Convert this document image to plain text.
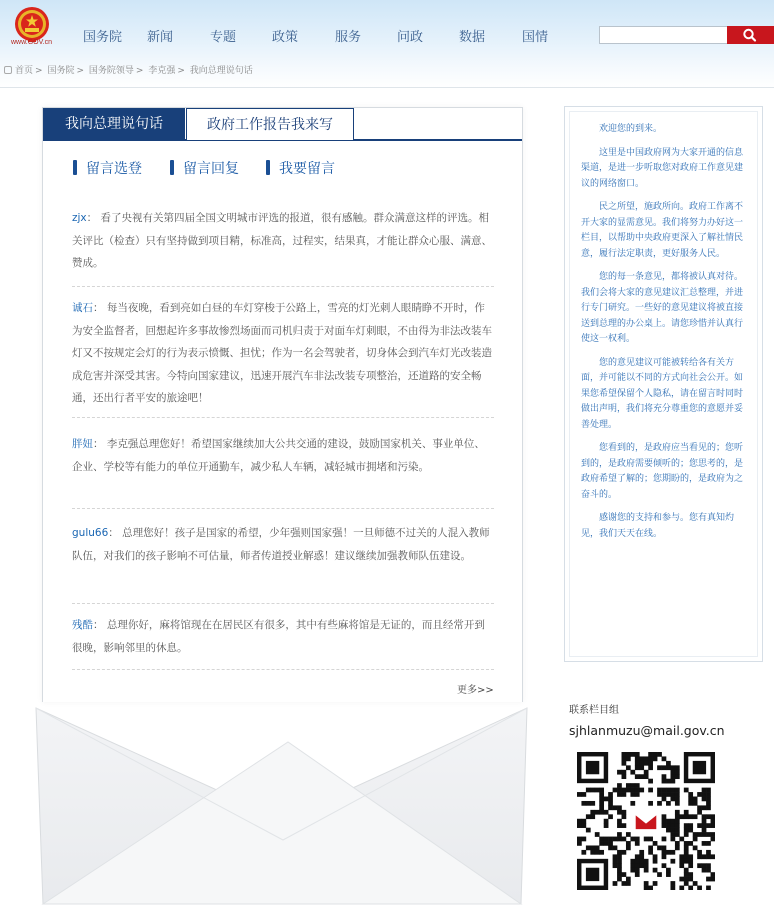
www.GOV.cn 国务院 新闻	专题	政策	服务	问政	数据	国情
首页 > 国务院 > 国务院领导 > 李克强 > 我向总理说句话
我向总理说句话	政府工作报告我来写
留言选登	留言回复	我要留言
zjx： 看了央视有关第四届全国文明城市评选的报道，很有感触。群众满意这样的评选。相关评比（检查）只有坚持做到项目精，标准高，过程实，结果真，才能让群众心服、满意、赞成。
诚石： 每当夜晚，看到亮如白昼的车灯穿梭于公路上，雪亮的灯光刺人眼睛睁不开时，作为安全监督者，回想起许多事故惨烈场面而司机归责于对面车灯刺眼，不由得为非法改装车灯又不按规定会灯的行为表示愤慨、担忧；作为一名会驾驶者，切身体会到汽车灯光改装造成危害并深受其害。今特向国家建议，迅速开展汽车非法改装专项整治，还道路的安全畅通，还出行者平安的旅途吧！
胖妞： 李克强总理您好！希望国家继续加大公共交通的建设，鼓励国家机关、事业单位、企业、学校等有能力的单位开通勤车，减少私人车辆，减轻城市拥堵和污染。
gulu66： 总理您好！孩子是国家的希望，少年强则国家强！一旦师德不过关的人混入教师队伍，对我们的孩子影响不可估量，师者传道授业解惑！建议继续加强教师队伍建设。
残酷： 总理你好，麻将馆现在在居民区有很多，其中有些麻将馆是无证的，而且经常开到很晚，影响邻里的休息。
更多>>

欢迎您的到来。

这里是中国政府网为大家开通的信息渠道，是进一步听取您对政府工作意见建议的网络窗口。

民之所望，施政所向。政府工作离不开大家的显需意见。我们将努力办好这一栏目，以帮助中央政府更深入了解社情民意，履行法定职责，更好服务人民。

您的每一条意见，都将被认真对待。我们会将大家的意见建议汇总整理，并进行专门研究。一些好的意见建议将被直接送到总理的办公桌上。请您珍惜并认真行使这一权利。

您的意见建议可能被转给各有关方面，并可能以不同的方式向社会公开。如果您希望保留个人隐私，请在留言时同时做出声明，我们将充分尊重您的意愿并妥善处理。

您看到的，是政府应当看见的；您听到的，是政府需要倾听的；您思考的，是政府希望了解的；您期盼的，是政府为之奋斗的。

感谢您的支持和参与。您有真知灼见，我们天天在线。

联系栏目组
sjhlanmuzu@mail.gov.cn
